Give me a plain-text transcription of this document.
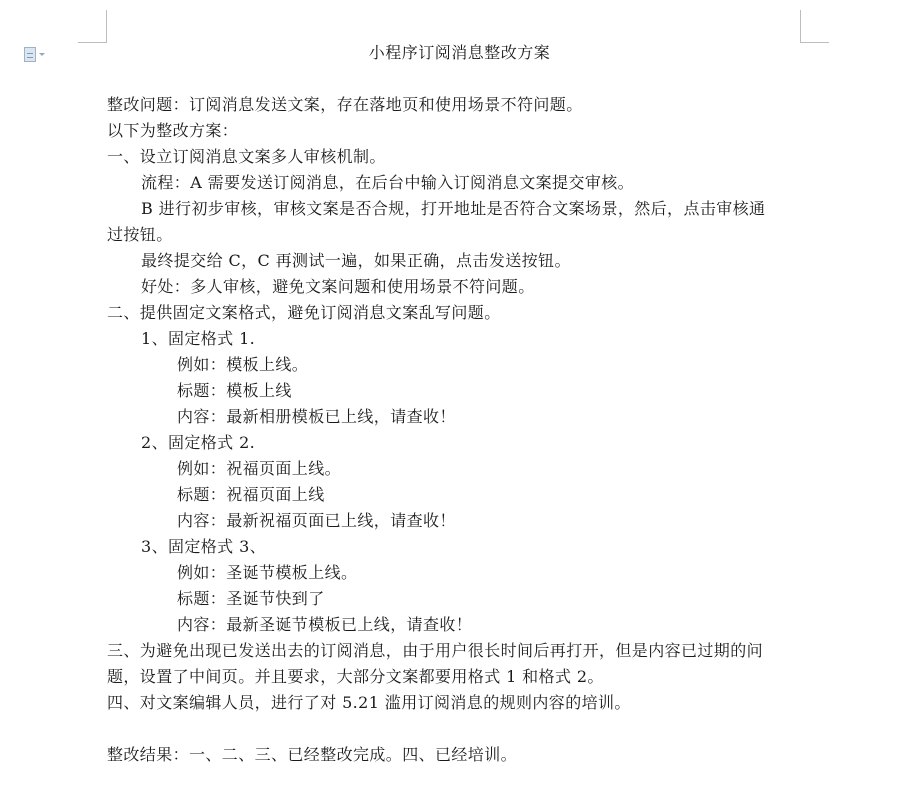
小程序订阅消息整改方案

整改问题：订阅消息发送文案，存在落地页和使用场景不符问题。

以下为整改方案：

一、设立订阅消息文案多人审核机制。

流程：A 需要发送订阅消息，在后台中输入订阅消息文案提交审核。

B 进行初步审核，审核文案是否合规，打开地址是否符合文案场景，然后，点击审核通

过按钮。

最终提交给 C，C 再测试一遍，如果正确，点击发送按钮。

好处：多人审核，避免文案问题和使用场景不符问题。

二、提供固定文案格式，避免订阅消息文案乱写问题。

1、固定格式 1.

例如：模板上线。

标题：模板上线

内容：最新相册模板已上线，请查收！

2、固定格式 2.

例如：祝福页面上线。

标题：祝福页面上线

内容：最新祝福页面已上线，请查收！

3、固定格式 3、

例如：圣诞节模板上线。

标题：圣诞节快到了

内容：最新圣诞节模板已上线，请查收！

三、为避免出现已发送出去的订阅消息，由于用户很长时间后再打开，但是内容已过期的问

题，设置了中间页。并且要求，大部分文案都要用格式 1 和格式 2。

四、对文案编辑人员，进行了对 5.21 滥用订阅消息的规则内容的培训。

整改结果：一、二、三、已经整改完成。四、已经培训。
